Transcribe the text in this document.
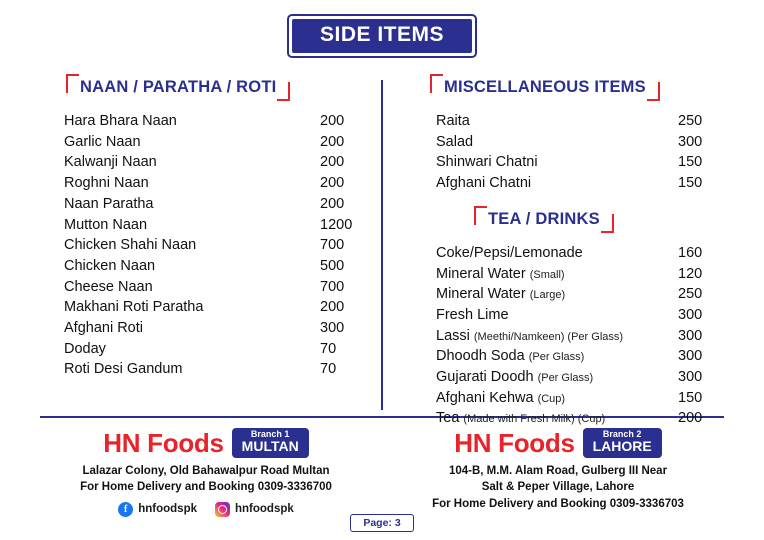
SIDE ITEMS
NAAN / PARATHA / ROTI
Hara Bhara Naan	200
Garlic Naan	200
Kalwanji Naan	200
Roghni Naan	200
Naan Paratha	200
Mutton Naan	1200
Chicken Shahi Naan	700
Chicken Naan	500
Cheese Naan	700
Makhani Roti Paratha	200
Afghani Roti	300
Doday	70
Roti Desi Gandum	70
MISCELLANEOUS ITEMS
Raita	250
Salad	300
Shinwari Chatni	150
Afghani Chatni	150
TEA / DRINKS
Coke/Pepsi/Lemonade	160
Mineral Water (Small)	120
Mineral Water (Large)	250
Fresh Lime	300
Lassi (Meethi/Namkeen) (Per Glass)	300
Dhoodh Soda (Per Glass)	300
Gujarati Doodh (Per Glass)	300
Afghani Kehwa (Cup)	150
Tea (Made with Fresh Milk) (Cup)	200
HN Foods	Branch 1
MULTAN
Lalazar Colony, Old Bahawalpur Road Multan
For Home Delivery and Booking 0309-3336700
f hnfoodspk	hnfoodspk
HN Foods	Branch 2
LAHORE
104-B, M.M. Alam Road, Gulberg III Near
Salt & Peper Village, Lahore
For Home Delivery and Booking 0309-3336703
Page: 3
